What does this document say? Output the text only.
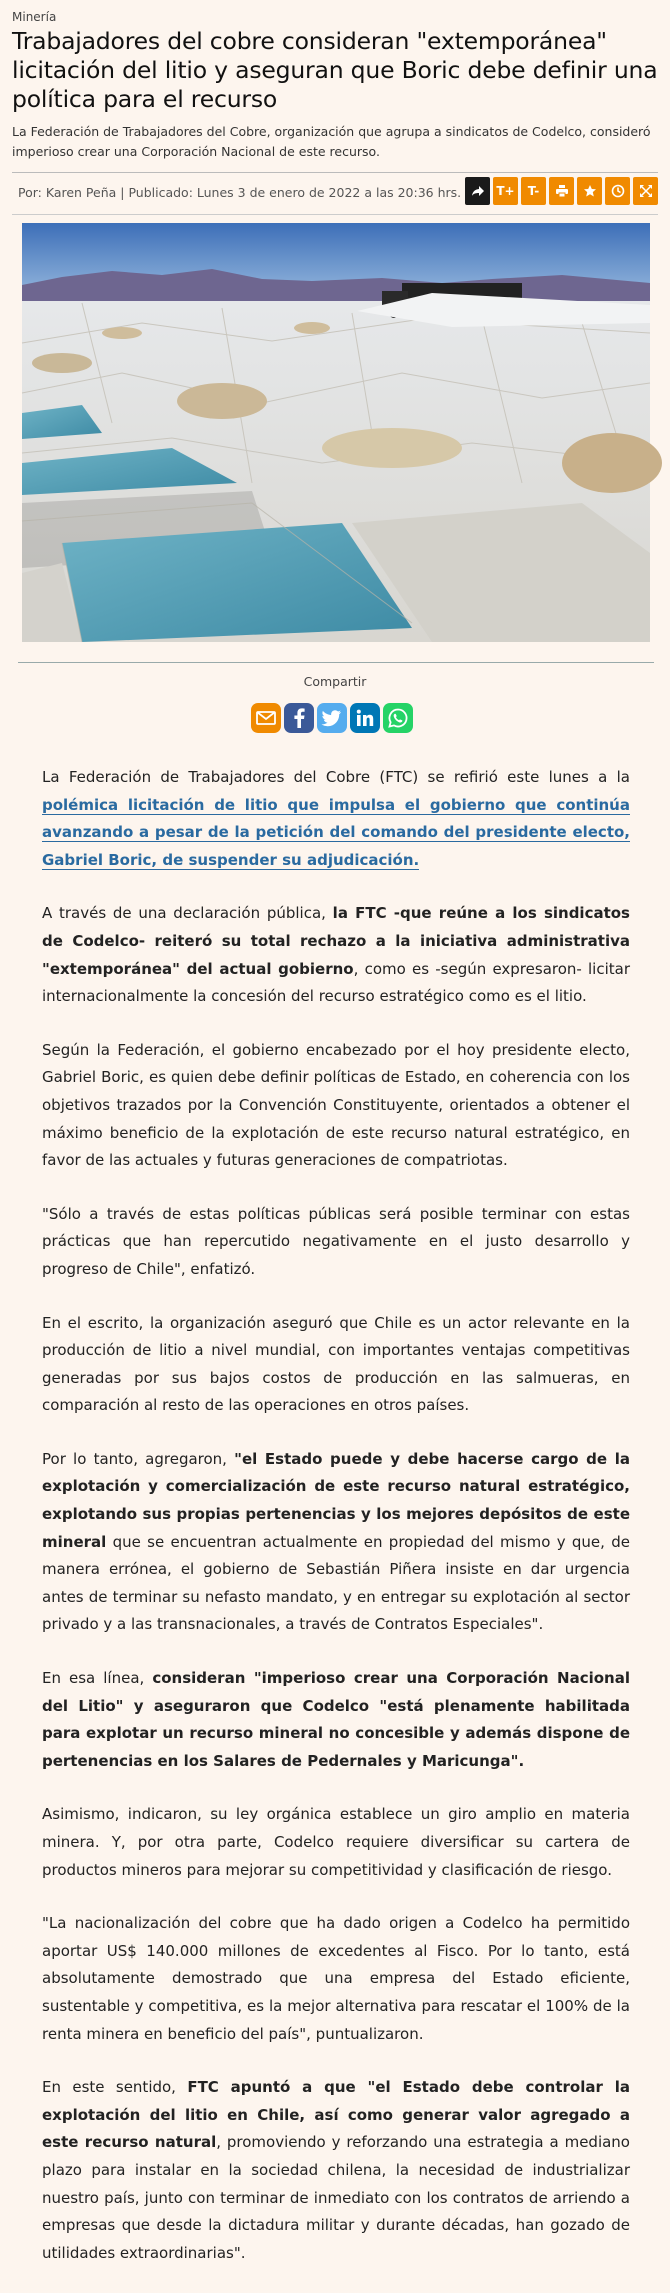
Minería
Trabajadores del cobre consideran "extemporánea" licitación del litio y aseguran que Boric debe definir una política para el recurso

La Federación de Trabajadores del Cobre, organización que agrupa a sindicatos de Codelco, consideró imperioso crear una Corporación Nacional de este recurso.

Por: Karen Peña | Publicado: Lunes 3 de enero de 2022 a las 20:36 hrs.	T+	T-
Compartir

La Federación de Trabajadores del Cobre (FTC) se refirió este lunes a la polémica licitación de litio que impulsa el gobierno que continúa avanzando a pesar de la petición del comando del presidente electo, Gabriel Boric, de suspender su adjudicación.

A través de una declaración pública, la FTC -que reúne a los sindicatos de Codelco- reiteró su total rechazo a la iniciativa administrativa "extemporánea" del actual gobierno, como es -según expresaron- licitar internacionalmente la concesión del recurso estratégico como es el litio.

Según la Federación, el gobierno encabezado por el hoy presidente electo, Gabriel Boric, es quien debe definir políticas de Estado, en coherencia con los objetivos trazados por la Convención Constituyente, orientados a obtener el máximo beneficio de la explotación de este recurso natural estratégico, en favor de las actuales y futuras generaciones de compatriotas.

"Sólo a través de estas políticas públicas será posible terminar con estas prácticas que han repercutido negativamente en el justo desarrollo y progreso de Chile", enfatizó.

En el escrito, la organización aseguró que Chile es un actor relevante en la producción de litio a nivel mundial, con importantes ventajas competitivas generadas por sus bajos costos de producción en las salmueras, en comparación al resto de las operaciones en otros países.

Por lo tanto, agregaron, "el Estado puede y debe hacerse cargo de la explotación y comercialización de este recurso natural estratégico, explotando sus propias pertenencias y los mejores depósitos de este mineral que se encuentran actualmente en propiedad del mismo y que, de manera errónea, el gobierno de Sebastián Piñera insiste en dar urgencia antes de terminar su nefasto mandato, y en entregar su explotación al sector privado y a las transnacionales, a través de Contratos Especiales".

En esa línea, consideran "imperioso crear una Corporación Nacional del Litio" y aseguraron que Codelco "está plenamente habilitada para explotar un recurso mineral no concesible y además dispone de pertenencias en los Salares de Pedernales y Maricunga".

Asimismo, indicaron, su ley orgánica establece un giro amplio en materia minera. Y, por otra parte, Codelco requiere diversificar su cartera de productos mineros para mejorar su competitividad y clasificación de riesgo.

"La nacionalización del cobre que ha dado origen a Codelco ha permitido aportar US$ 140.000 millones de excedentes al Fisco. Por lo tanto, está absolutamente demostrado que una empresa del Estado eficiente, sustentable y competitiva, es la mejor alternativa para rescatar el 100% de la renta minera en beneficio del país", puntualizaron.

En este sentido, FTC apuntó a que "el Estado debe controlar la explotación del litio en Chile, así como generar valor agregado a este recurso natural, promoviendo y reforzando una estrategia a mediano plazo para instalar en la sociedad chilena, la necesidad de industrializar nuestro país, junto con terminar de inmediato con los contratos de arriendo a empresas que desde la dictadura militar y durante décadas, han gozado de utilidades extraordinarias".
